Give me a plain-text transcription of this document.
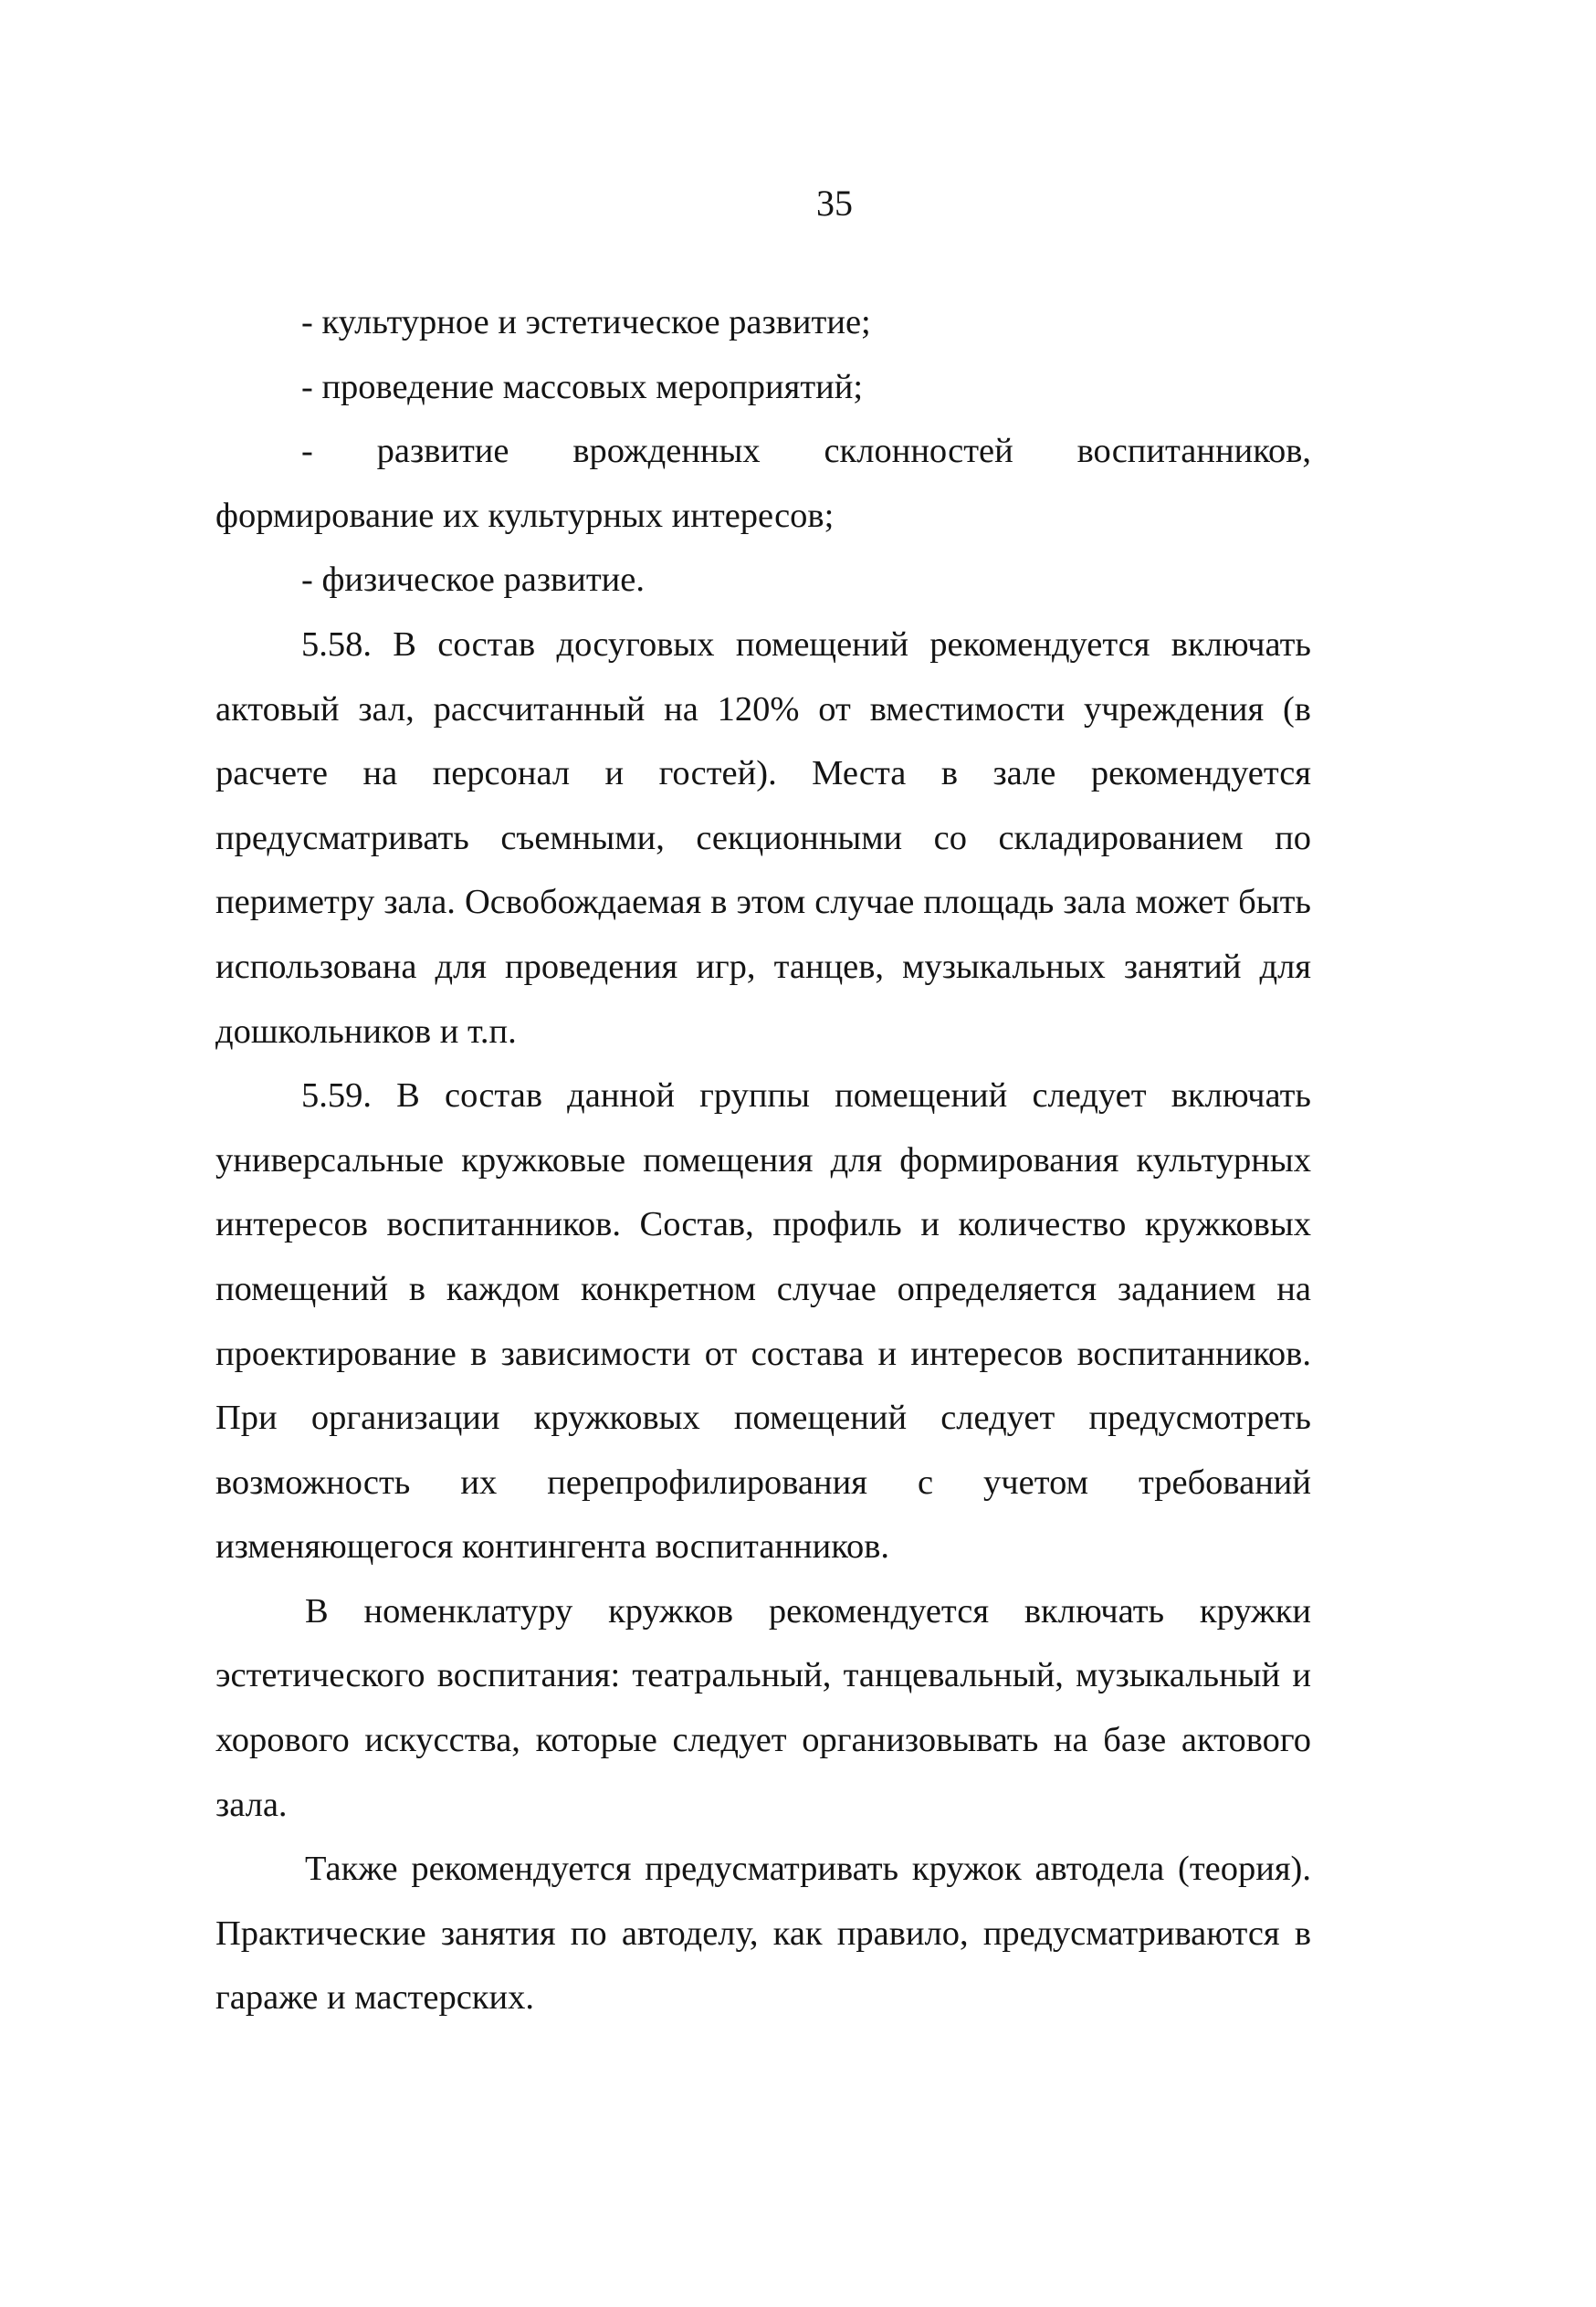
35

- культурное и эстетическое развитие;

- проведение массовых мероприятий;

- развитие врожденных склонностей воспитанников, формирование их культурных интересов;

- физическое развитие.

5.58. В состав досуговых помещений рекомендуется включать актовый зал, рассчитанный на 120% от вместимости учреждения (в расчете на персонал и гостей). Места в зале рекомендуется предусматривать съемными, секционными со складированием по периметру зала. Освобождаемая в этом случае площадь зала может быть использована для проведения игр, танцев, музыкальных занятий для дошкольников и т.п.

5.59. В состав данной группы помещений следует включать универсальные кружковые помещения для формирования культурных интересов воспитанников. Состав, профиль и количество кружковых помещений в каждом конкретном случае определяется заданием на проектирование в зависимости от состава и интересов воспитанников. При организации кружковых помещений следует предусмотреть возможность их перепрофилирования с учетом требований изменяющегося контингента воспитанников.

В номенклатуру кружков рекомендуется включать кружки эстетического воспитания: театральный, танцевальный, музыкальный и хорового искусства, которые следует организовывать на базе актового зала.

Также рекомендуется предусматривать кружок автодела (теория). Практические занятия по автоделу, как правило, предусматриваются в гараже и мастерских.
